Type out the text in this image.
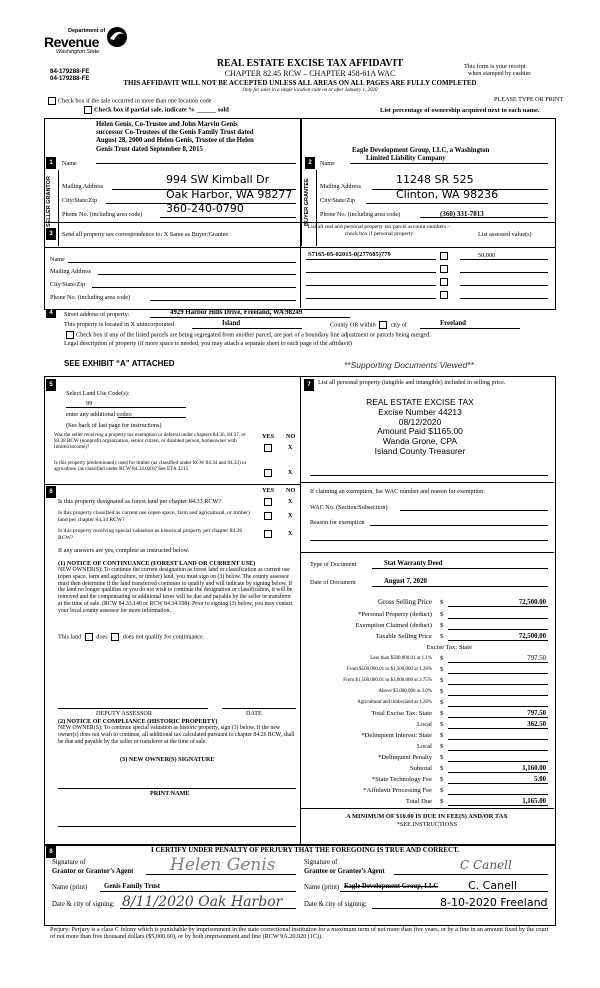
Department of
Revenue
Washington State
84-179288-FE
04-179288-FE
REAL ESTATE EXCISE TAX AFFIDAVIT
CHAPTER 82.45 RCW – CHAPTER 458-61A WAC
THIS AFFIDAVIT WILL NOT BE ACCEPTED UNLESS ALL AREAS ON ALL PAGES ARE FULLY COMPLETED
Only for sales in a single location code on or after January 1, 2020
This form is your receipt
when stamped by cashier.
PLEASE TYPE OR PRINT
Check box if the sale occurred in more than one location code
Check box if partial sale, indicate % ______ sold	List percentage of ownership acquired next to each name.
1	Name
Helen Genis, Co-Trustee and John Marvin Genis
successor Co-Trustees of the Genis Family Trust dated
August 28, 2000 and Helen Genis, Trustee of the Helen
Genis Trust dated September 8, 2015
SELLER GRANTOR	Mailing Address
994 SW Kimball Dr
City/State/Zip	Oak Harbor, WA 98277
Phone No. (including area code) 360-240-0790
2	Name
Eagle Development Group, LLC, a Washington
Limited Liability Company
BUYER GRANTEE	Mailing Address
11248 SR 525
City/State/Zip	Clinton, WA 98236
Phone No. (including area code)	(360) 331-7813
3	Send all property tax correspondence to: X Same as Buyer/Grantee
List all real and personal property tax parcel account numbers – check box if personal property	List assessed value(s)
Name
Mailing Address
City/State/Zip
Phone No. (including area code)
S7165-05-02015-0(277685)779	50,000
4	Street address of property:	4929 Harbor Hills Drive, Freeland, WA 98249
This property is located in X unincorporated	Island	County OR within city of	Freeland
Check box if any of the listed parcels are being segregated from another parcel, are part of a boundary line adjustment or parcels being merged.
Legal description of property (if more space is needed, you may attach a separate sheet to each page of the affidavit)
SEE EXHIBIT “A” ATTACHED	**Supporting Documents Viewed**
5
Select Land Use Code(s):
99
enter any additional codes:
(See back of last page for instructions)
YES NO
Was the seller receiving a property tax exemption or deferral under chapters 84.36, 84.37, or 84.38 RCW (nonprofit organization, senior citizen, or disabled person, homeowner with limited income)?	X
Is this property predominantly used for timber (as classified under RCW 84.34 and 84.33) or agriculture (as classified under RCW 84.34.020)? See ETA 3215	X
6	YES NO
Is this property designated as forest land per chapter 84.33 RCW?	X
Is this property classified as current use (open space, farm and agricultural, or timber) land per chapter 84.34 RCW?
X
Is this property receiving special valuation as historical property per chapter 84.26 RCW?
X
If any answers are yes, complete as instructed below.
(1) NOTICE OF CONTINUANCE (FOREST LAND OR CURRENT USE)
NEW OWNER(S): To continue the current designation as forest land or classification as current use (open space, farm and agriculture, or timber) land, you must sign on (3) below. The county assessor must then determine if the land transferred continues to qualify and will indicate by signing below. If the land no longer qualifies or you do not wish to continue the designation or classification, it will be removed and the compensating or additional taxes will be due and payable by the seller or transferor at the time of sale. (RCW 84.33.140 or RCW 84.34.108). Prior to signing (3) below, you may contact your local county assessor for more information.
This land does does not qualify for continuance.
DEPUTY ASSESSOR	DATE
(2) NOTICE OF COMPLIANCE (HISTORIC PROPERTY)
NEW OWNER(S): To continue special valuation as historic property, sign (3) below. If the new owner(s) does not wish to continue, all additional tax calculated pursuant to chapter 84.26 RCW, shall be due and payable by the seller or transferor at the time of sale.
(3) NEW OWNER(S) SIGNATURE
PRINT NAME
7	List all personal property (tangible and intangible) included in selling price.
REAL ESTATE EXCISE TAX
Excise Number 44213
08/12/2020
Amount Paid $1165.00
Wanda Grone, CPA
Island County Treasurer
If claiming an exemption, list WAC number and reason for exemption:
WAC No. (Section/Subsection)
Reason for exemption
Type of Document	Stat Warranty Deed
Date of Document	August 7, 2020
Gross Selling Price $	72,500.00
*Personal Property (deduct) $
Exemption Claimed (deduct) $
Taxable Selling Price $	72,500.00
Excise Tax: State
Less than $500,000.01 at 1.1% $	797.50
From $500,000.01 to $1,500,000 at 1.28% $
From $1,500,000.01 to $3,000,000 at 2.75% $
Above $3,000,000 at 3.0% $
Agricultural and timberland at 1.28% $
Total Excise Tax: State $	797.50
Local $	362.50
*Delinquent Interest: State $
Local $
*Delinquent Penalty $
Subtotal $	1,160.00
*State Technology Fee $	5.00
*Affidavit Processing Fee $
Total Due $	1,165.00
A MINIMUM OF $10.00 IS DUE IN FEE(S) AND/OR TAX
*SEE INSTRUCTIONS
8	I CERTIFY UNDER PENALTY OF PERJURY THAT THE FOREGOING IS TRUE AND CORRECT.
Signature of
Grantor or Grantor’s Agent Helen Genis	Signature of
Grantee or Grantee’s Agent	C Canell
Name (print) Genis Family Trust	Name (print) Eagle Development Group, LLC	C. Canell
Date & city of signing: 8/11/2020 Oak Harbor	Date & city of signing:	8-10-2020 Freeland
Perjury: Perjury is a class C felony which is punishable by imprisonment in the state correctional institution for a maximum term of not more than five years, or by a fine in an amount fixed by the court of not more than five thousand dollars ($5,000.00), or by both imprisonment and fine (RCW 9A.20.020 (1C)).
